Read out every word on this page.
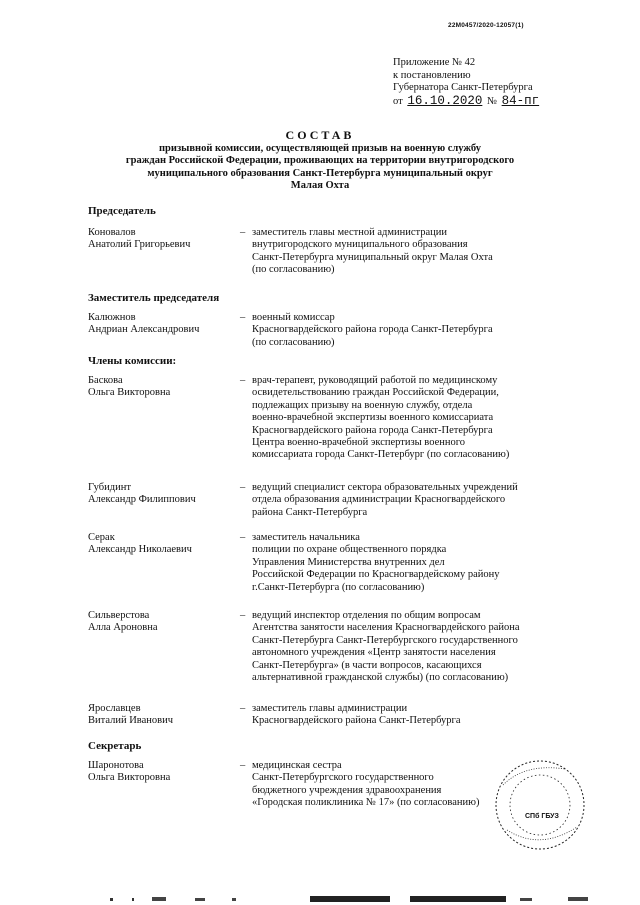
22M0457/2020-12057(1)
Приложение № 42
к постановлению
Губернатора Санкт-Петербурга
от 16.10.2020 № 84-пг
СОСТАВ
призывной комиссии, осуществляющей призыв на военную службу
граждан Российской Федерации, проживающих на территории внутригородского
муниципального образования Санкт-Петербурга муниципальный округ
Малая Охта
Председатель
Коновалов
Анатолий Григорьевич
– заместитель главы местной администрации
внутригородского муниципального образования
Санкт-Петербурга муниципальный округ Малая Охта
(по согласованию)
Заместитель председателя
Калюжнов
Андриан Александрович
– военный комиссар
Красногвардейского района города Санкт-Петербурга
(по согласованию)
Члены комиссии:
Баскова
Ольга Викторовна
– врач-терапевт, руководящий работой по медицинскому
освидетельствованию граждан Российской Федерации,
подлежащих призыву на военную службу, отдела
военно-врачебной экспертизы военного комиссариата
Красногвардейского района города Санкт-Петербурга
Центра военно-врачебной экспертизы военного
комиссариата города Санкт-Петербург (по согласованию)
Губидинт
Александр Филиппович
– ведущий специалист сектора образовательных учреждений
отдела образования администрации Красногвардейского
района Санкт-Петербурга
Серак
Александр Николаевич
– заместитель начальника
полиции по охране общественного порядка
Управления Министерства внутренних дел
Российской Федерации по Красногвардейскому району
г.Санкт-Петербурга (по согласованию)
Сильверстова
Алла Ароновна
– ведущий инспектор отделения по общим вопросам
Агентства занятости населения Красногвардейского района
Санкт-Петербурга Санкт-Петербургского государственного
автономного учреждения «Центр занятости населения
Санкт-Петербурга» (в части вопросов, касающихся
альтернативной гражданской службы) (по согласованию)
Ярославцев
Виталий Иванович
– заместитель главы администрации
Красногвардейского района Санкт-Петербурга
Секретарь
Шаронотова
Ольга Викторовна
– медицинская сестра
Санкт-Петербургского государственного
бюджетного учреждения здравоохранения
«Городская поликлиника № 17» (по согласованию)
СПб ГБУЗ
